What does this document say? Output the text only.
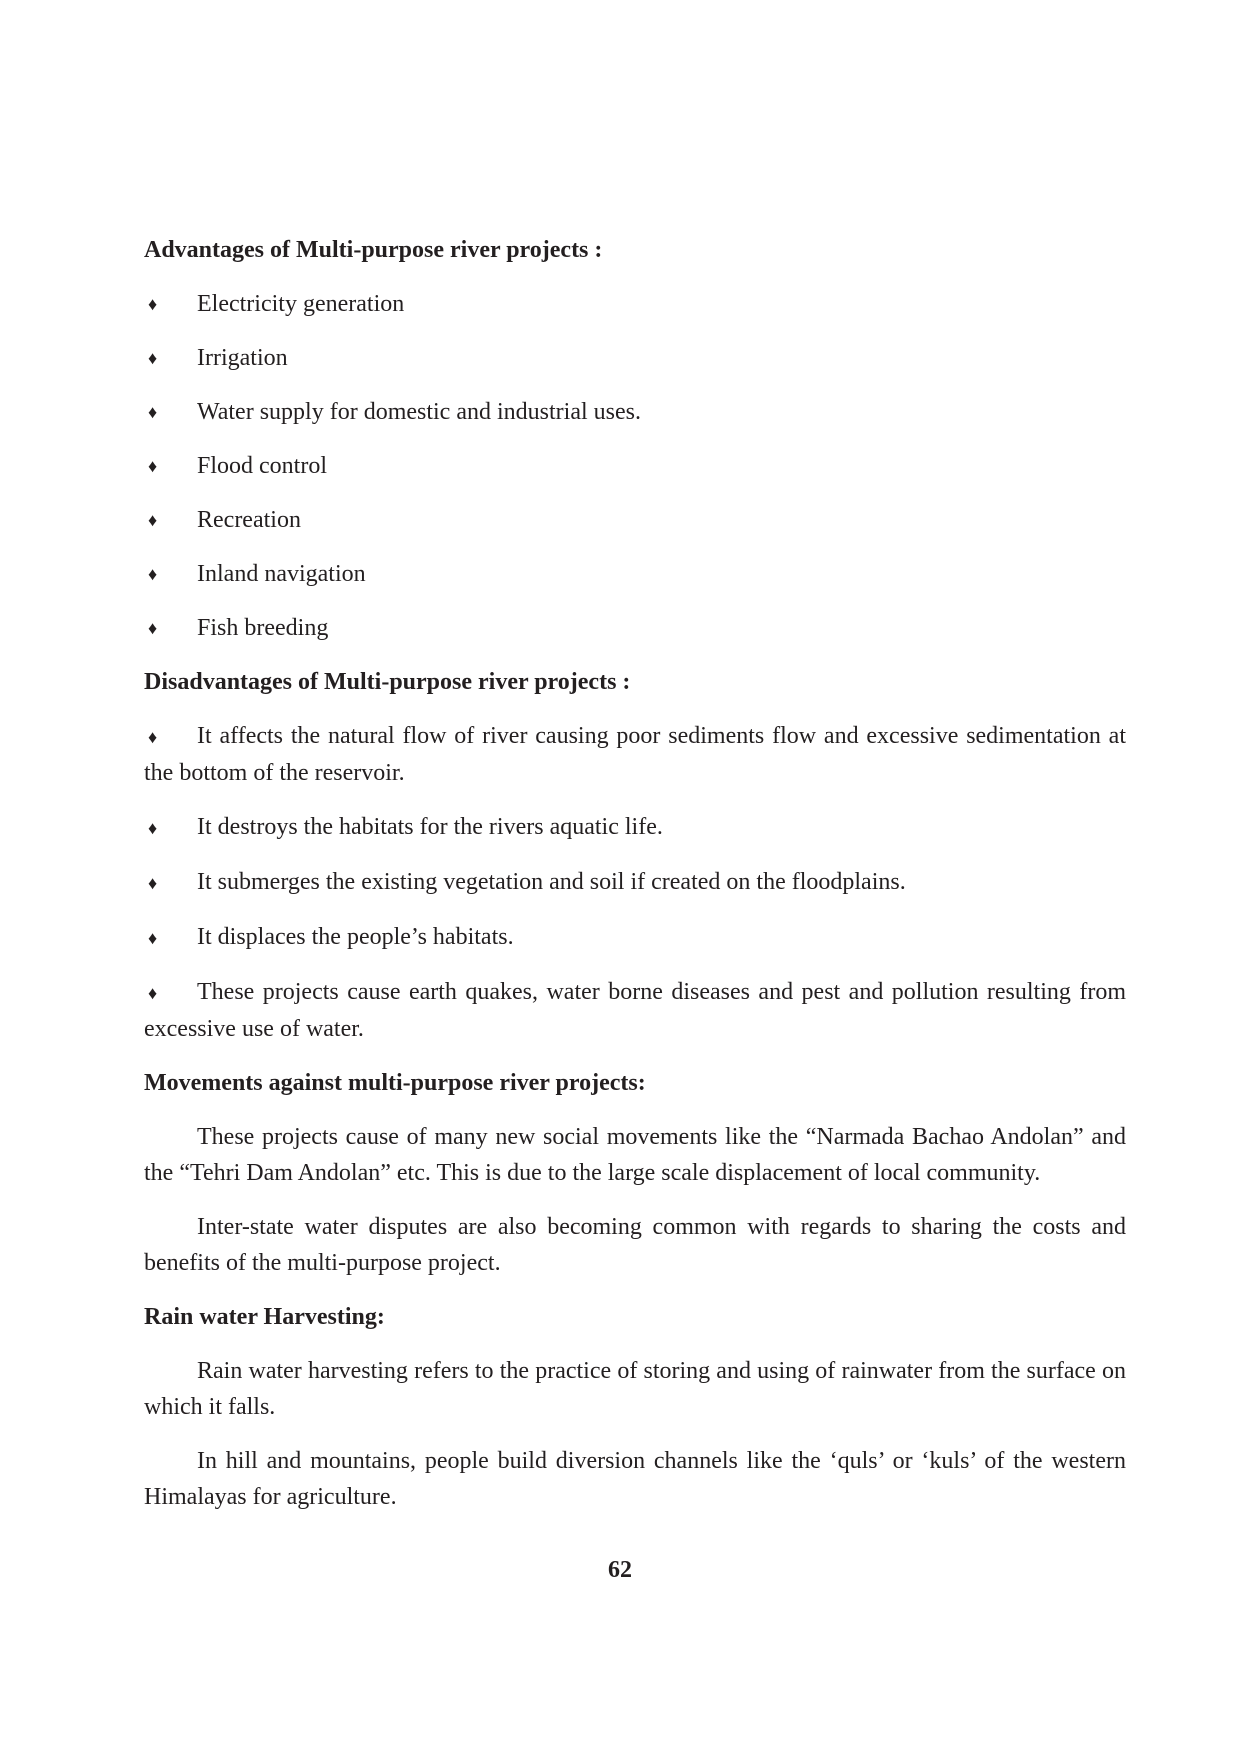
Advantages of Multi-purpose river projects :
♦ Electricity generation
♦ Irrigation
♦ Water supply for domestic and industrial uses.
♦ Flood control
♦ Recreation
♦ Inland navigation
♦ Fish breeding
Disadvantages of Multi-purpose river projects :

♦ It affects the natural flow of river causing poor sediments flow and excessive sedimentation at the bottom of the reservoir.

♦ It destroys the habitats for the rivers aquatic life.

♦ It submerges the existing vegetation and soil if created on the floodplains.

♦ It displaces the people’s habitats.

♦ These projects cause earth quakes, water borne diseases and pest and pollution resulting from excessive use of water.

Movements against multi-purpose river projects:

These projects cause of many new social movements like the “Narmada Bachao Andolan” and the “Tehri Dam Andolan” etc. This is due to the large scale displacement of local community.

Inter-state water disputes are also becoming common with regards to sharing the costs and benefits of the multi-purpose project.

Rain water Harvesting:

Rain water harvesting refers to the practice of storing and using of rainwater from the surface on which it falls.

In hill and mountains, people build diversion channels like the ‘quls’ or ‘kuls’ of the western Himalayas for agriculture.

62
